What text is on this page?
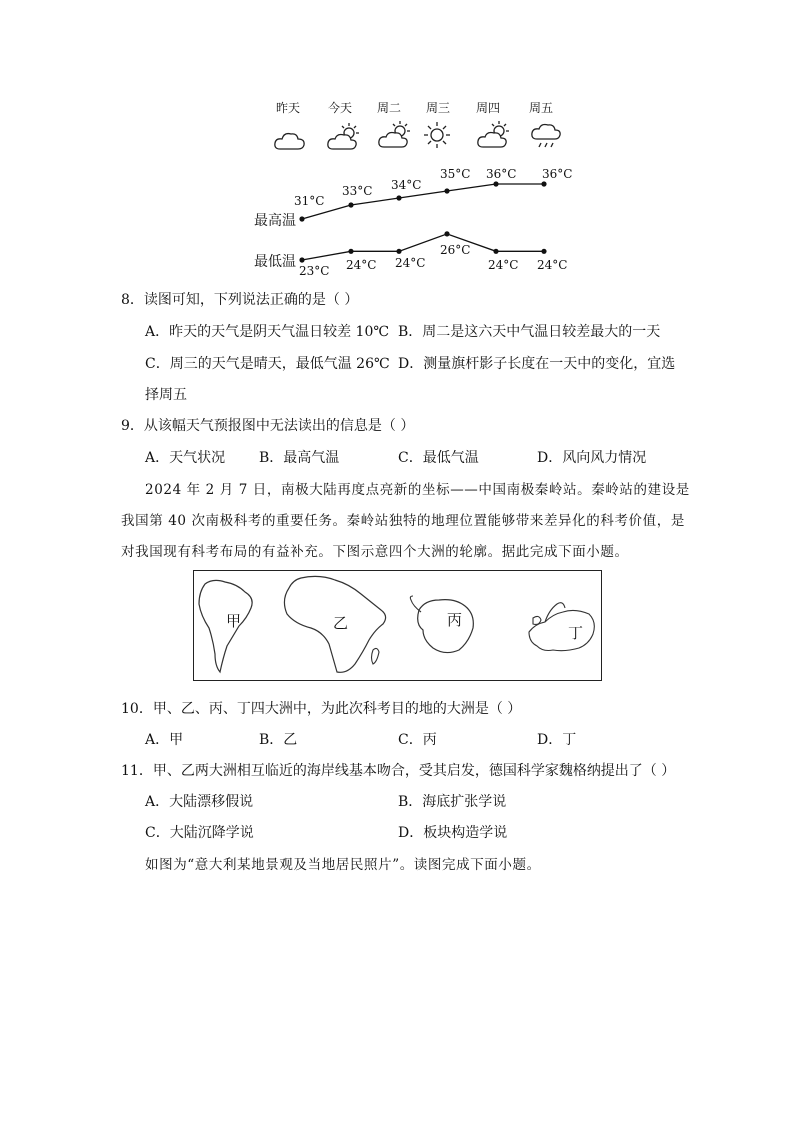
昨天 今天 周二 周三 周四 周五
最高温
最低温
31°C
33°C 34°C
35°C 36°C 36°C
23°C 24°C 24°C
26°C
24°C 24°C
8．读图可知，下列说法正确的是（ ）
A．昨天的天气是阴天气温日较差 10℃ B．周二是这六天中气温日较差最大的一天
C．周三的天气是晴天，最低气温 26℃ D．测量旗杆影子长度在一天中的变化，宜选
择周五
9．从该幅天气预报图中无法读出的信息是（ ）
A．天气状况 B．最高气温	C．最低气温	D．风向风力情况
2024 年 2 月 7 日，南极大陆再度点亮新的坐标——中国南极秦岭站。秦岭站的建设是
我国第 40 次南极科考的重要任务。秦岭站独特的地理位置能够带来差异化的科考价值，是
对我国现有科考布局的有益补充。下图示意四个大洲的轮廓。据此完成下面小题。
甲	乙	丙
丁
10．甲、乙、丙、丁四大洲中，为此次科考目的地的大洲是（ ）
A．甲	B．乙	C．丙	D．丁
11．甲、乙两大洲相互临近的海岸线基本吻合，受其启发，德国科学家魏格纳提出了（ ）
A．大陆漂移假说	B．海底扩张学说
C．大陆沉降学说	D．板块构造学说
如图为“意大利某地景观及当地居民照片”。读图完成下面小题。
